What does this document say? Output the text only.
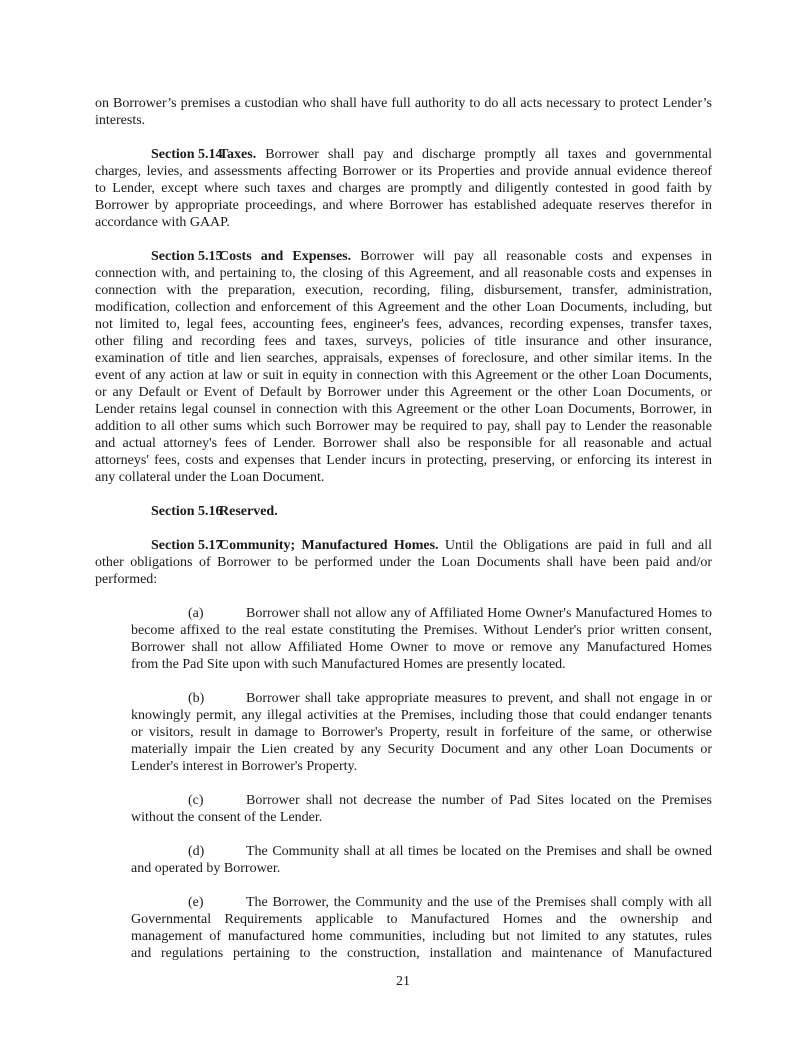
on Borrower’s premises a custodian who shall have full authority to do all acts necessary to protect Lender’s
interests.
Section 5.14Taxes. Borrower shall pay and discharge promptly all taxes and governmental
charges, levies, and assessments affecting Borrower or its Properties and provide annual evidence thereof
to Lender, except where such taxes and charges are promptly and diligently contested in good faith by
Borrower by appropriate proceedings, and where Borrower has established adequate reserves therefor in
accordance with GAAP.
Section 5.15Costs and Expenses. Borrower will pay all reasonable costs and expenses in
connection with, and pertaining to, the closing of this Agreement, and all reasonable costs and expenses in
connection with the preparation, execution, recording, filing, disbursement, transfer, administration,
modification, collection and enforcement of this Agreement and the other Loan Documents, including, but
not limited to, legal fees, accounting fees, engineer's fees, advances, recording expenses, transfer taxes,
other filing and recording fees and taxes, surveys, policies of title insurance and other insurance,
examination of title and lien searches, appraisals, expenses of foreclosure, and other similar items. In the
event of any action at law or suit in equity in connection with this Agreement or the other Loan Documents,
or any Default or Event of Default by Borrower under this Agreement or the other Loan Documents, or
Lender retains legal counsel in connection with this Agreement or the other Loan Documents, Borrower, in
addition to all other sums which such Borrower may be required to pay, shall pay to Lender the reasonable
and actual attorney's fees of Lender. Borrower shall also be responsible for all reasonable and actual
attorneys' fees, costs and expenses that Lender incurs in protecting, preserving, or enforcing its interest in
any collateral under the Loan Document.
Section 5.16Reserved.
Section 5.17Community; Manufactured Homes. Until the Obligations are paid in full and all
other obligations of Borrower to be performed under the Loan Documents shall have been paid and/or
performed:
(a)	Borrower shall not allow any of Affiliated Home Owner's Manufactured Homes to
become affixed to the real estate constituting the Premises. Without Lender's prior written consent,
Borrower shall not allow Affiliated Home Owner to move or remove any Manufactured Homes
from the Pad Site upon with such Manufactured Homes are presently located.
(b)	Borrower shall take appropriate measures to prevent, and shall not engage in or
knowingly permit, any illegal activities at the Premises, including those that could endanger tenants
or visitors, result in damage to Borrower's Property, result in forfeiture of the same, or otherwise
materially impair the Lien created by any Security Document and any other Loan Documents or
Lender's interest in Borrower's Property.
(c)	Borrower shall not decrease the number of Pad Sites located on the Premises
without the consent of the Lender.
(d)	The Community shall at all times be located on the Premises and shall be owned
and operated by Borrower.
(e)	The Borrower, the Community and the use of the Premises shall comply with all
Governmental Requirements applicable to Manufactured Homes and the ownership and
management of manufactured home communities, including but not limited to any statutes, rules
and regulations pertaining to the construction, installation and maintenance of Manufactured
21
